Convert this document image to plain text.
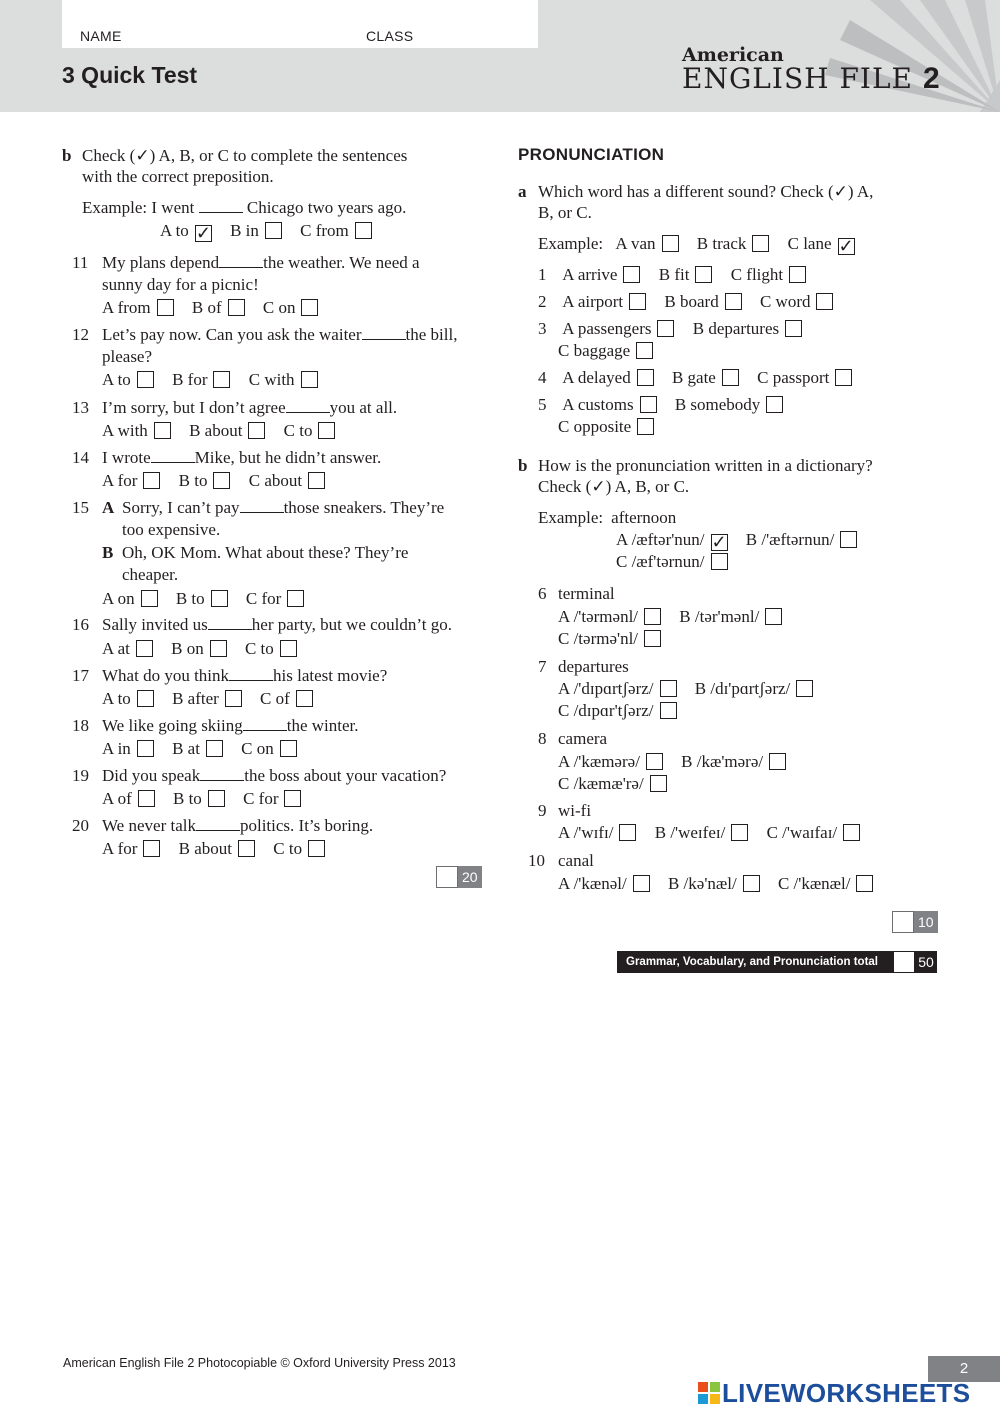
NAME	CLASS
3 Quick Test
American
ENGLISH FILE 2
b Check (✓) A, B, or C to complete the sentences
with the correct preposition.
Example: I went	Chicago two years ago.
A to ✓ B in C from
11 My plans depend	the weather. We need a
sunny day for a picnic!
A from B of C on
12 Let’s pay now. Can you ask the waiter	the bill,
please?
A to B for C with
13 I’m sorry, but I don’t agree	you at all.
A with B about C to
14 I wrote	Mike, but he didn’t answer.
A for B to C about
15 A Sorry, I can’t pay	those sneakers. They’re
too expensive.
B Oh, OK Mom. What about these? They’re
cheaper.
A on B to C for
16 Sally invited us	her party, but we couldn’t go.
A at B on C to
17 What do you think	his latest movie?
A to B after C of
18 We like going skiing	the winter.
A in B at C on
19 Did you speak	the boss about your vacation?
A of B to C for
20 We never talk	politics. It’s boring.
A for B about C to
20
PRONUNCIATION
a Which word has a different sound? Check (✓) A,
B, or C.
Example: A van B track C lane ✓
1 A arrive B fit C flight
2 A airport B board C word
3 A passengers B departures
C baggage
4 A delayed B gate C passport
5 A customs B somebody
C opposite
b How is the pronunciation written in a dictionary?
Check (✓) A, B, or C.
Example: afternoon
A /æftər'nun/ ✓ B /'æftərnun/
C /æf'tərnun/
6 terminal
A /'tərmənl/ B /tər'mənl/
C /tərmə'nl/
7 departures
A /'dɪpɑrtʃərz/ B /dɪ'pɑrtʃərz/
C /dɪpɑr'tʃərz/
8 camera
A /'kæmərə/ B /kæ'mərə/
C /kæmæ'rə/
9 wi-fi
A /'wɪfɪ/ B /'weɪfeɪ/ C /'waɪfaɪ/
10 canal
A /'kænəl/ B /kə'næl/ C /'kænæl/
10
Grammar, Vocabulary, and Pronunciation total	50
American English File 2 Photocopiable © Oxford University Press 2013	2
LIVEWORKSHEETS
